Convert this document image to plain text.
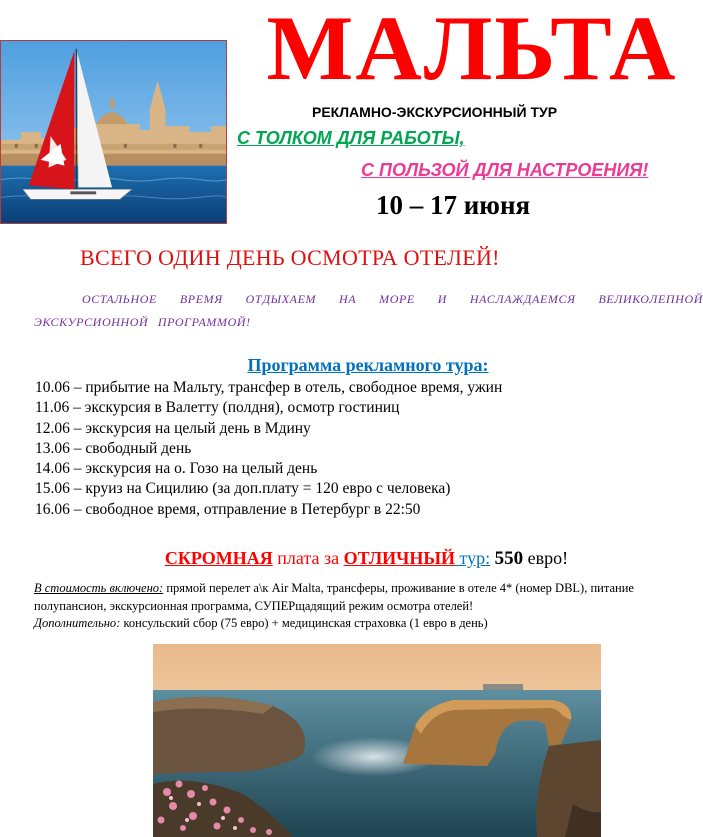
МАЛЬТА
РЕКЛАМНО-ЭКСКУРСИОННЫЙ ТУР
С ТОЛКОМ ДЛЯ РАБОТЫ,
С ПОЛЬЗОЙ ДЛЯ НАСТРОЕНИЯ!
10 – 17 июня
ВСЕГО ОДИН ДЕНЬ ОСМОТРА ОТЕЛЕЙ!

ОСТАЛЬНОЕ ВРЕМЯ ОТДЫХАЕМ НА МОРЕ И НАСЛАЖДАЕМСЯ ВЕЛИКОЛЕПНОЙ ЭКСКУРСИОННОЙ ПРОГРАММОЙ!

Программа рекламного тура:
10.06 – прибытие на Мальту, трансфер в отель, свободное время, ужин
11.06 – экскурсия в Валетту (полдня), осмотр гостиниц
12.06 – экскурсия на целый день в Мдину
13.06 – свободный день
14.06 – экскурсия на о. Гозо на целый день
15.06 – круиз на Сицилию (за доп.плату = 120 евро с человека)
16.06 – свободное время, отправление в Петербург в 22:50
СКРОМНАЯ плата за ОТЛИЧНЫЙ тур: 550 евро!

В стоимость включено: прямой перелет а\к Air Malta, трансферы, проживание в отеле 4* (номер DBL), питание полупансион, экскурсионная программа, СУПЕРщадящий режим осмотра отелей!

Дополнительно: консульский сбор (75 евро) + медицинская страховка (1 евро в день)
